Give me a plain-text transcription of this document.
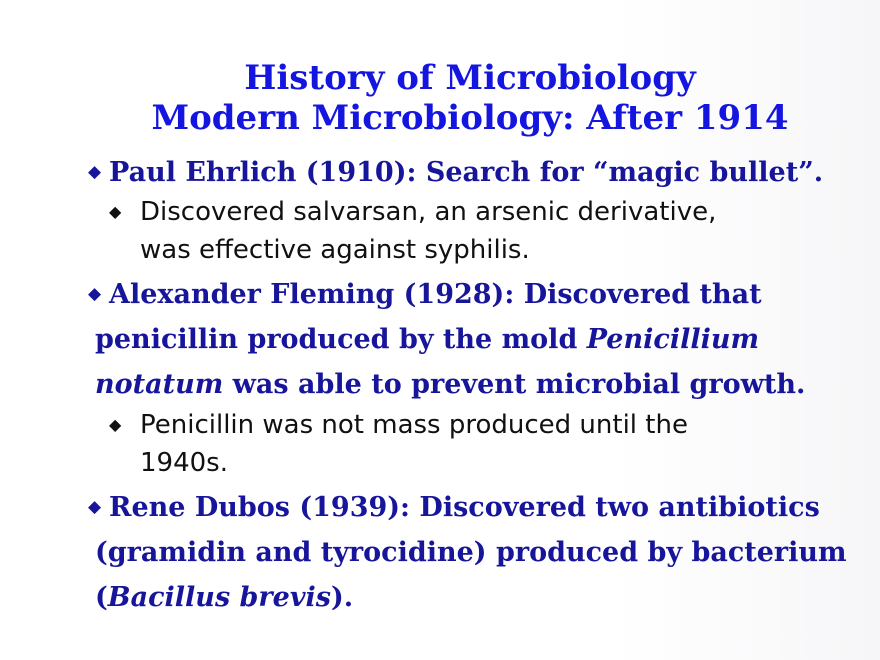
History of Microbiology
Modern Microbiology: After 1914
◆ Paul Ehrlich (1910): Search for “magic bullet”.
◆ Discovered salvarsan, an arsenic derivative,
was effective against syphilis.
◆ Alexander Fleming (1928): Discovered that
penicillin produced by the mold Penicillium
notatum was able to prevent microbial growth.
◆ Penicillin was not mass produced until the
1940s.
◆ Rene Dubos (1939): Discovered two antibiotics
(gramidin and tyrocidine) produced by bacterium
(Bacillus brevis).
